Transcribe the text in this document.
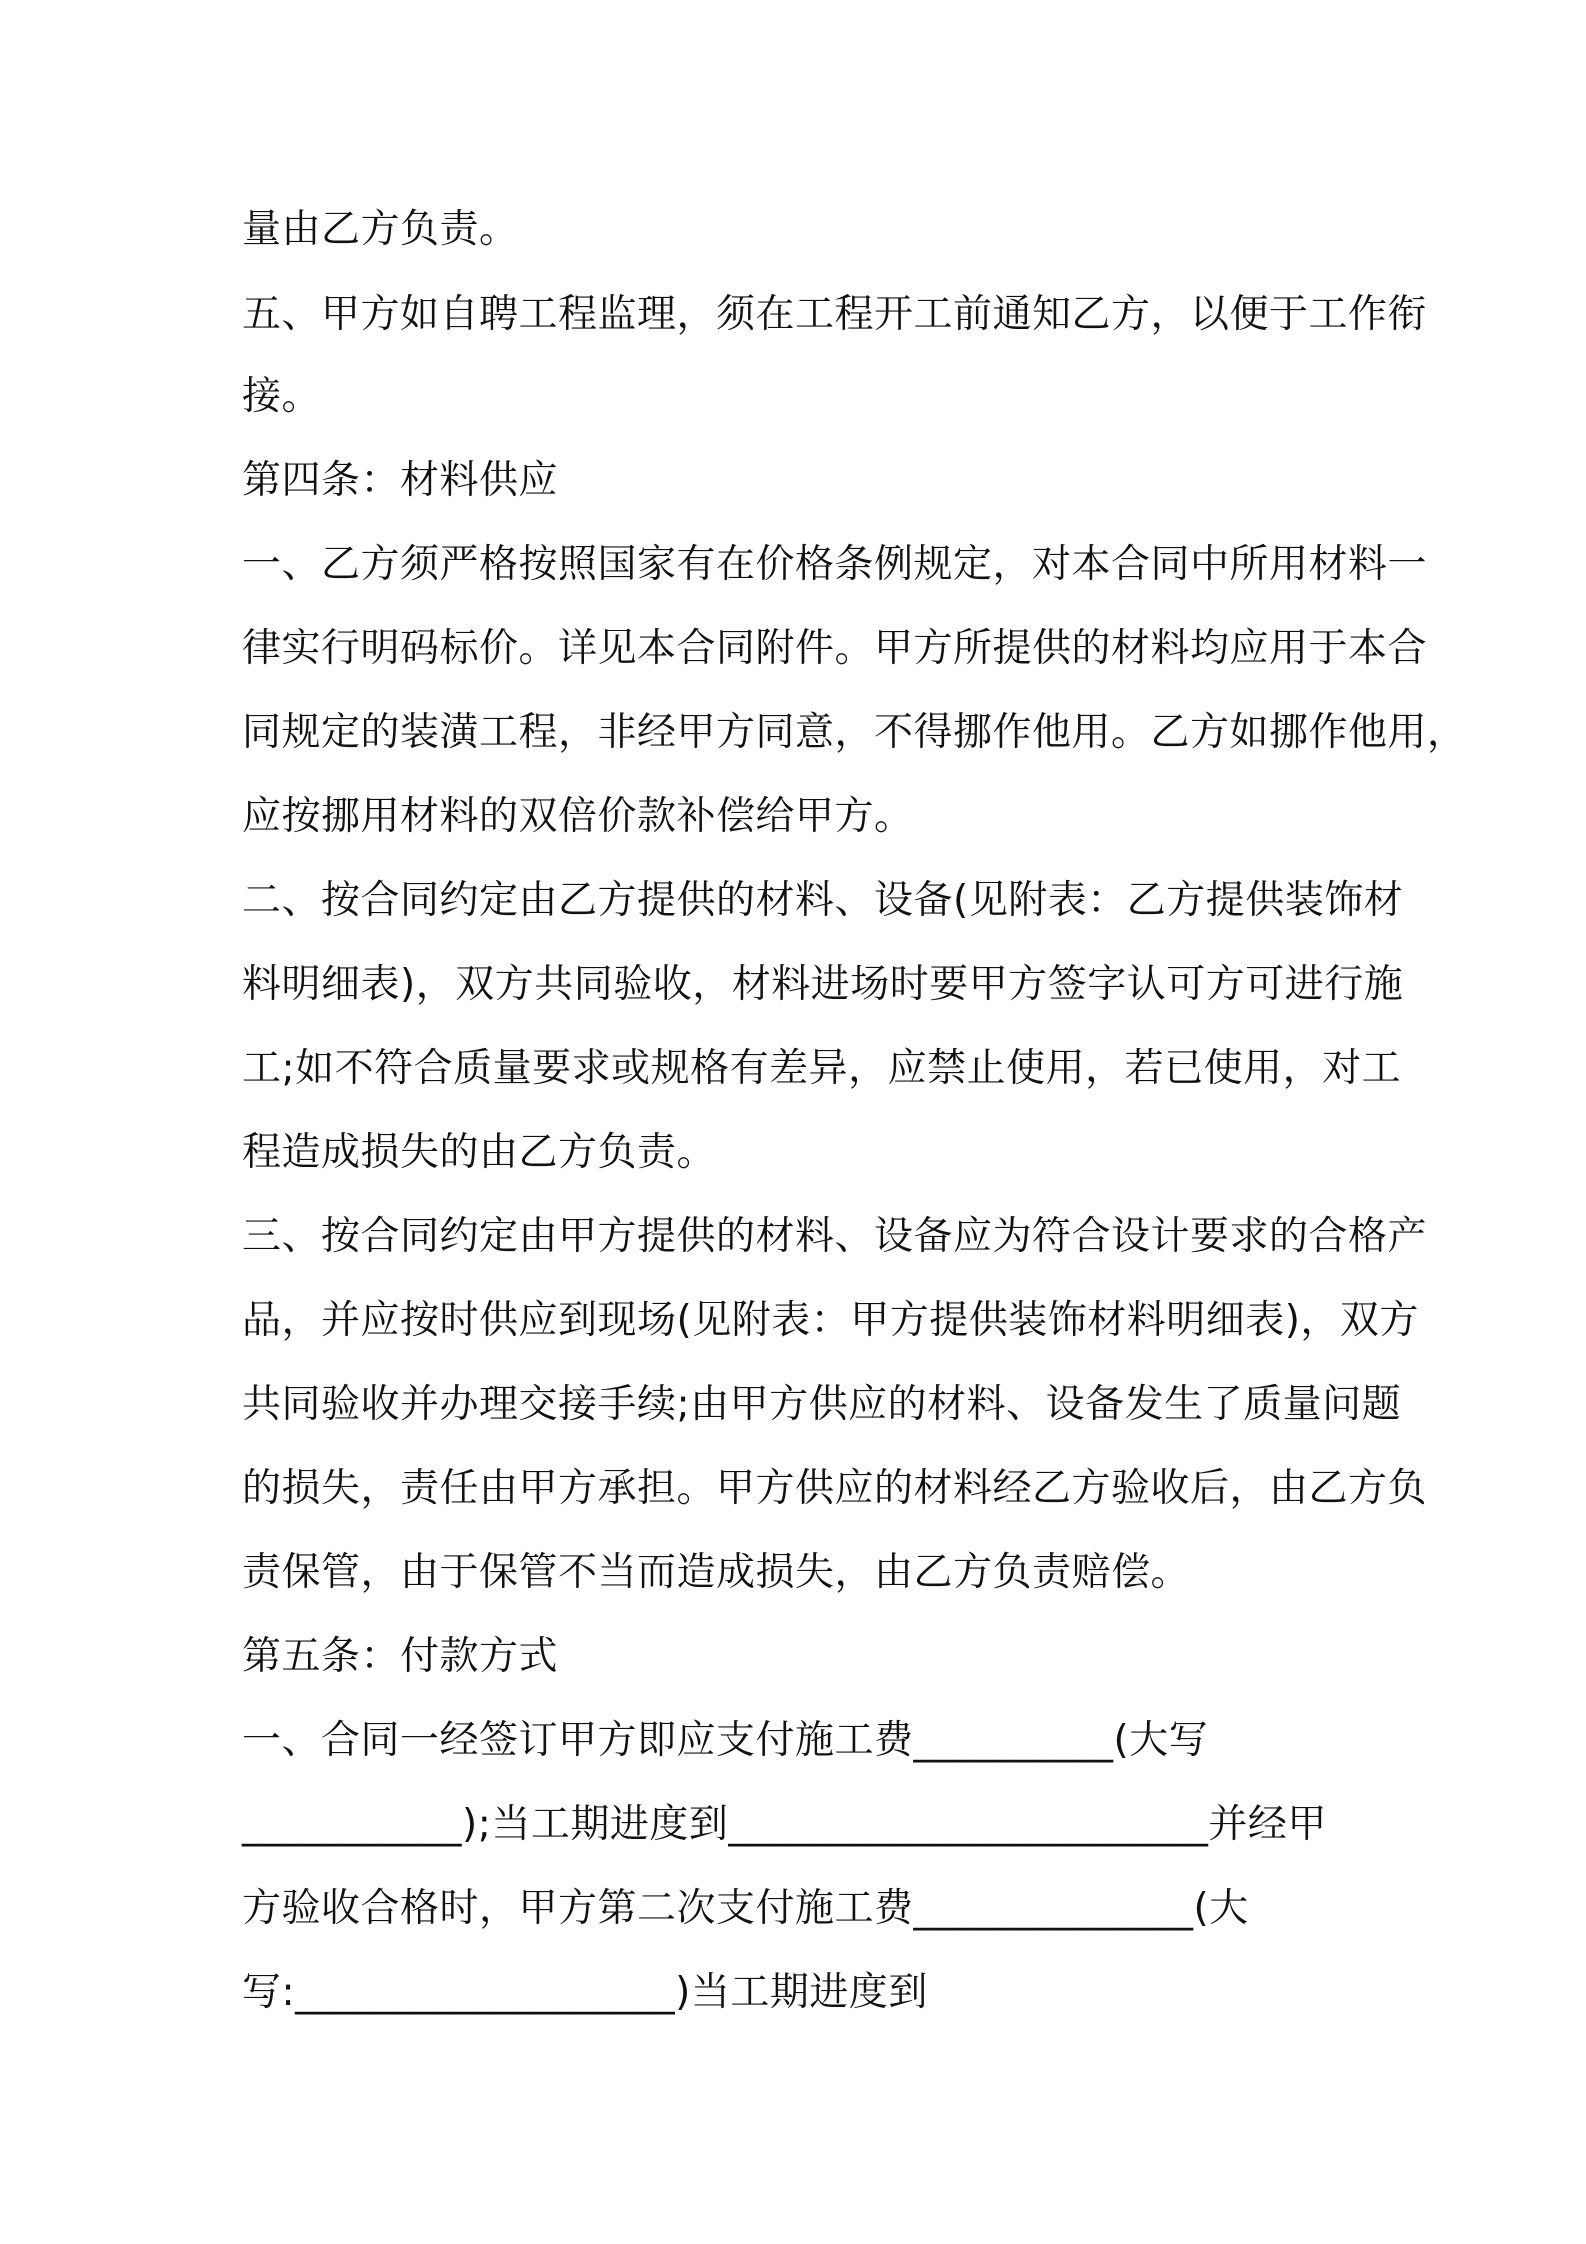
量由乙方负责。
五、甲方如自聘工程监理，须在工程开工前通知乙方，以便于工作衔
接。
第四条：材料供应
一、乙方须严格按照国家有在价格条例规定，对本合同中所用材料一
律实行明码标价。详见本合同附件。甲方所提供的材料均应用于本合
同规定的装潢工程，非经甲方同意，不得挪作他用。乙方如挪作他用，
应按挪用材料的双倍价款补偿给甲方。
二、按合同约定由乙方提供的材料、设备(见附表：乙方提供装饰材
料明细表)，双方共同验收，材料进场时要甲方签字认可方可进行施
工;如不符合质量要求或规格有差异，应禁止使用，若已使用，对工
程造成损失的由乙方负责。
三、按合同约定由甲方提供的材料、设备应为符合设计要求的合格产
品，并应按时供应到现场(见附表：甲方提供装饰材料明细表)，双方
共同验收并办理交接手续;由甲方供应的材料、设备发生了质量问题
的损失，责任由甲方承担。甲方供应的材料经乙方验收后，由乙方负
责保管，由于保管不当而造成损失，由乙方负责赔偿。
第五条：付款方式
一、合同一经签订甲方即应支付施工费__________(大写
___________);当工期进度到________________________并经甲
方验收合格时，甲方第二次支付施工费______________(大
写:___________________)当工期进度到
